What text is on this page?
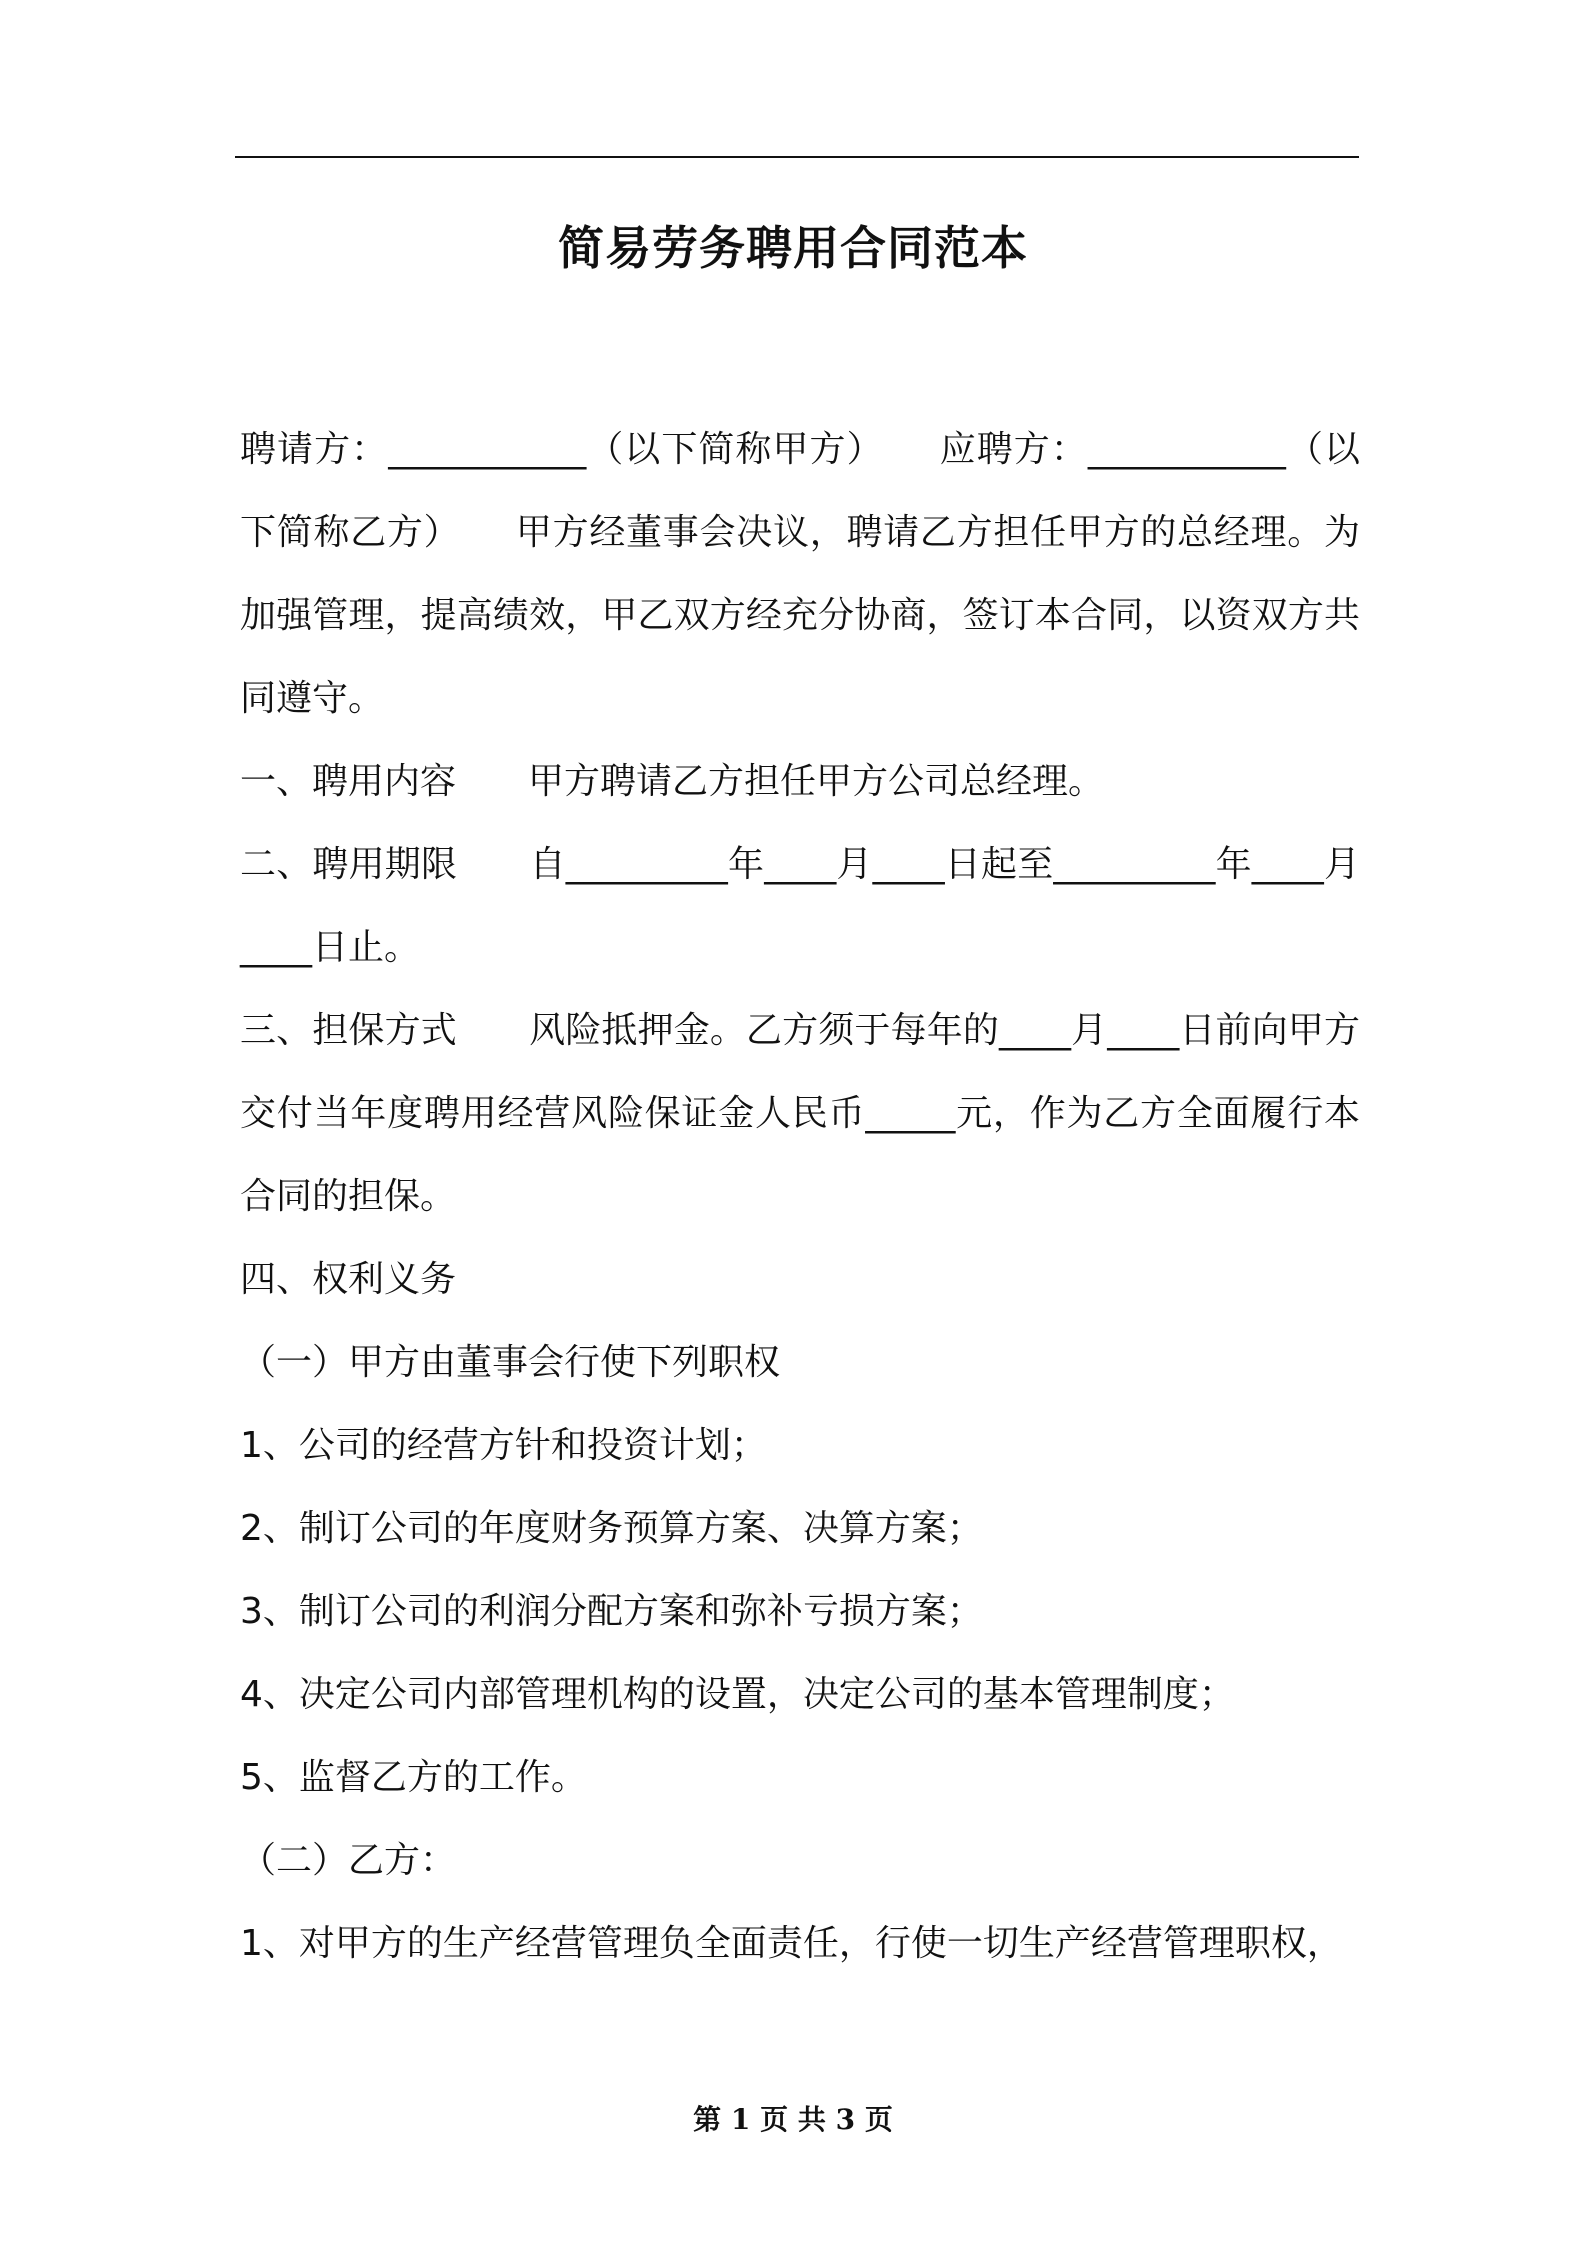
简易劳务聘用合同范本

聘请方：___________（以下简称甲方）　　应聘方：___________（以下简称乙方）　　甲方经董事会决议，聘请乙方担任甲方的总经理。为加强管理，提高绩效，甲乙双方经充分协商，签订本合同，以资双方共同遵守。

一、聘用内容　　甲方聘请乙方担任甲方公司总经理。

二、聘用期限　　自_________年____月____日起至_________年____月____日止。

三、担保方式　　风险抵押金。乙方须于每年的____月____日前向甲方交付当年度聘用经营风险保证金人民币_____元，作为乙方全面履行本合同的担保。

四、权利义务

（一）甲方由董事会行使下列职权

1、公司的经营方针和投资计划；

2、制订公司的年度财务预算方案、决算方案；

3、制订公司的利润分配方案和弥补亏损方案；

4、决定公司内部管理机构的设置，决定公司的基本管理制度；

5、监督乙方的工作。

（二）乙方：

1、对甲方的生产经营管理负全面责任，行使一切生产经营管理职权，

第 1 页 共 3 页
